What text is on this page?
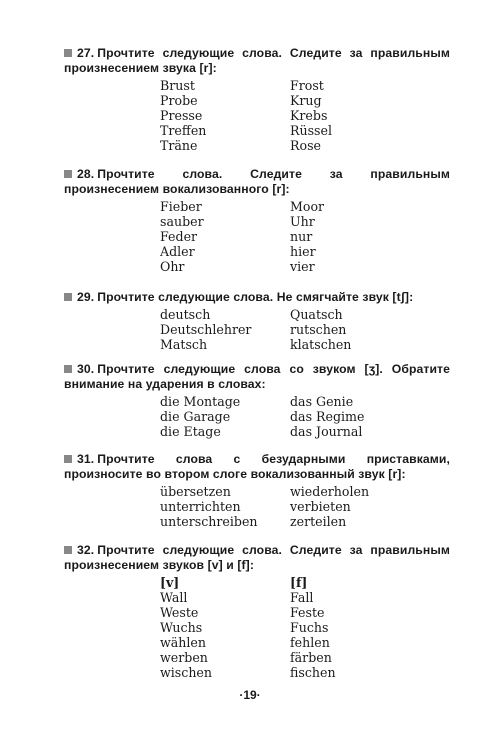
27. Прочтите следующие слова. Следите за правильным произнесением звука [r]:

Brust
Probe
Presse
Treffen
Träne
Frost
Krug
Krebs
Rüssel
Rose

28. Прочтите слова. Следите за правильным произнесением вокализованного [r]:

Fieber
sauber
Feder
Adler
Ohr
Moor
Uhr
nur
hier
vier

29. Прочтите следующие слова. Не смягчайте звук [tʃ]:

deutsch
Deutschlehrer
Matsch
Quatsch
rutschen
klatschen

30. Прочтите следующие слова со звуком [ʒ]. Обратите внимание на ударения в словах:

die Montage
die Garage
die Etage
das Genie
das Regime
das Journal

31. Прочтите слова с безударными приставками, произносите во втором слоге вокализованный звук [r]:

übersetzen
unterrichten
unterschreiben
wiederholen
verbieten
zerteilen

32. Прочтите следующие слова. Следите за правильным произнесением звуков [v] и [f]:

[v]
Wall
Weste
Wuchs
wählen
werben
wischen
[f]
Fall
Feste
Fuchs
fehlen
färben
fischen
·19·
